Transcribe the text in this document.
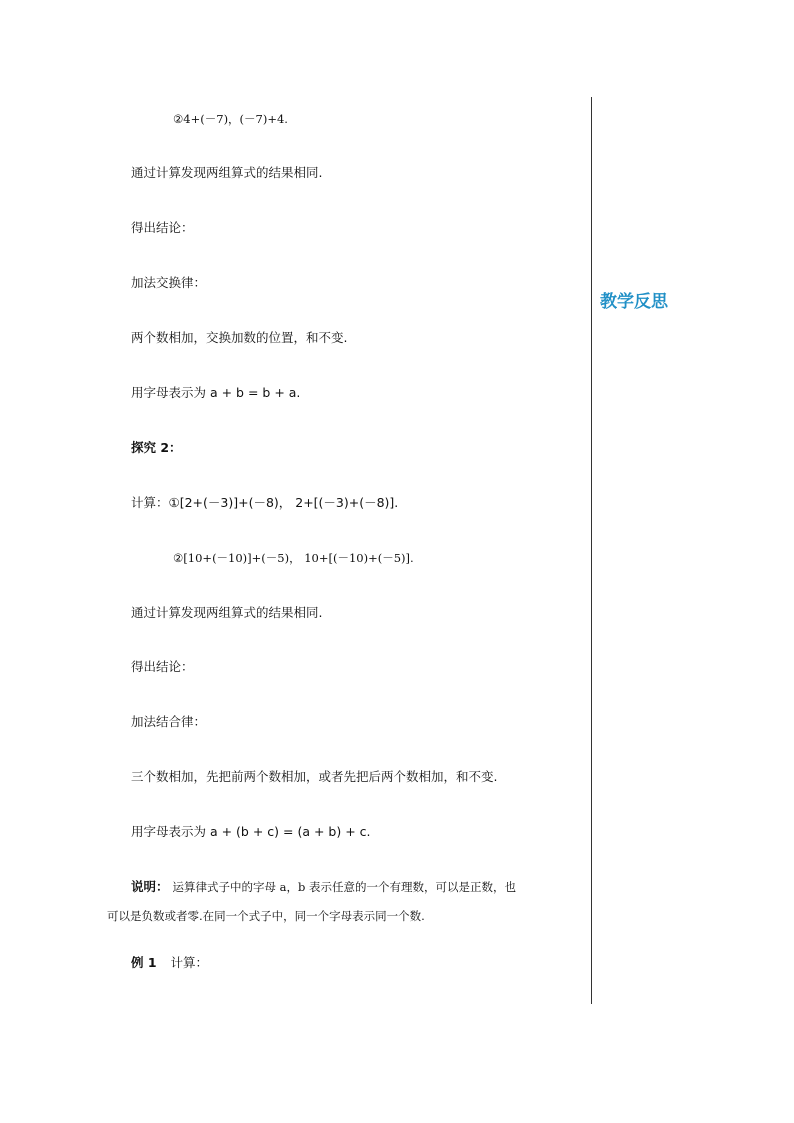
②4+(－7)，(－7)+4.
通过计算发现两组算式的结果相同.
得出结论：
加法交换律：
两个数相加，交换加数的位置，和不变.
用字母表示为 a + b = b + a.
探究 2：
计算：①[2+(－3)]+(－8)， 2+[(－3)+(－8)].
②[10+(－10)]+(－5)， 10+[(－10)+(－5)].
通过计算发现两组算式的结果相同.
得出结论：
加法结合律：
三个数相加，先把前两个数相加，或者先把后两个数相加，和不变.
用字母表示为 a + (b + c) = (a + b) + c.
说明： 运算律式子中的字母 a，b 表示任意的一个有理数，可以是正数，也
可以是负数或者零.在同一个式子中，同一个字母表示同一个数.
例 1 计算：
教学反思
